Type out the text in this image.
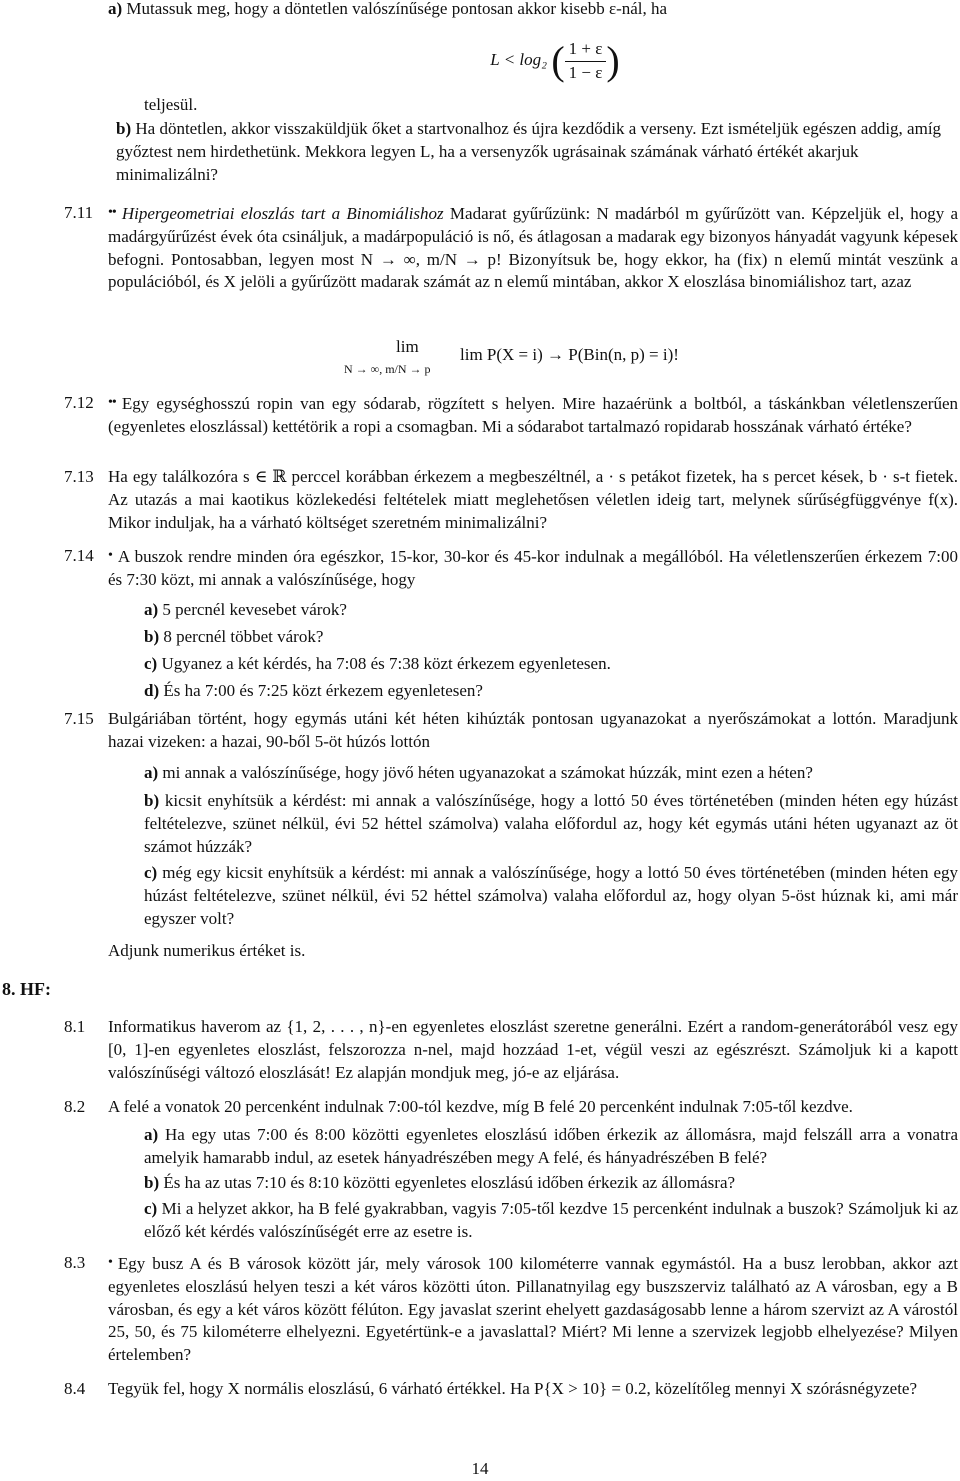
a) Mutassuk meg, hogy a döntetlen valószínűsége pontosan akkor kisebb ε-nál, ha
L < log₂ ( $\frac{1 + \varepsilon}{1 - \varepsilon}$ )
teljesül.
b) Ha döntetlen, akkor visszaküldjük őket a startvonalhoz és újra kezdődik a verseny. Ezt ismételjük egészen addig, amíg győztest nem hirdethetünk. Mekkora legyen L, ha a versenyzők ugrásainak számának várható értékét akarjuk minimalizálni?
7.11 •• Hipergeometriai eloszlás tart a Binomiálishoz Madarat gyűrűzünk: N madárból m gyűrűzött van. Képzeljük el, hogy a madárgyűrűzést évek óta csináljuk, a madárpopuláció is nő, és átlagosan a madarak egy bizonyos hányadát vagyunk képesek befogni. Pontosabban, legyen most N → ∞, m/N → p! Bizonyítsuk be, hogy ekkor, ha (fix) n elemű mintát veszünk a populációból, és X jelöli a gyűrűzött madarak számát az n elemű mintában, akkor X eloszlása binomiálishoz tart, azaz

lim lim P(X = i) → P(Bin(n, p) = i)!
N → ∞, m/N → p
7.12 •• Egy egységhosszú ropin van egy sódarab, rögzített s helyen. Mire hazaérünk a boltból, a táskánkban véletlenszerűen (egyenletes eloszlással) kettétörik a ropi a csomagban. Mi a sódarabot tartalmazó ropidarab hosszának várható értéke?

7.13 Ha egy találkozóra s ∈ ℝ perccel korábban érkezem a megbeszéltnél, a · s petákot fizetek, ha s percet kések, b · s-t fietek. Az utazás a mai kaotikus közlekedési feltételek miatt meglehetősen véletlen ideig tart, melynek sűrűségfüggvénye f(x). Mikor induljak, ha a várható költséget szeretném minimalizálni?

7.14 • A buszok rendre minden óra egészkor, 15-kor, 30-kor és 45-kor indulnak a megállóból. Ha véletlenszerűen érkezem 7:00 és 7:30 közt, mi annak a valószínűsége, hogy

a) 5 percnél kevesebet várok?
b) 8 percnél többet várok?
c) Ugyanez a két kérdés, ha 7:08 és 7:38 közt érkezem egyenletesen.
d) És ha 7:00 és 7:25 közt érkezem egyenletesen?
7.15 Bulgáriában történt, hogy egymás utáni két héten kihúzták pontosan ugyanazokat a nyerőszámokat a lottón. Maradjunk hazai vizeken: a hazai, 90-ből 5-öt húzós lottón

a) mi annak a valószínűsége, hogy jövő héten ugyanazokat a számokat húzzák, mint ezen a héten?
b) kicsit enyhítsük a kérdést: mi annak a valószínűsége, hogy a lottó 50 éves történetében (minden héten egy húzást feltételezve, szünet nélkül, évi 52 héttel számolva) valaha előfordul az, hogy két egymás utáni héten ugyanazt az öt számot húzzák?
c) még egy kicsit enyhítsük a kérdést: mi annak a valószínűsége, hogy a lottó 50 éves történetében (minden héten egy húzást feltételezve, szünet nélkül, évi 52 héttel számolva) valaha előfordul az, hogy olyan 5-öst húznak ki, ami már egyszer volt?
Adjunk numerikus értéket is.
8. HF:
8.1 Informatikus haverom az {1, 2, . . . , n}-en egyenletes eloszlást szeretne generálni. Ezért a random-generátorából vesz egy [0, 1]-en egyenletes eloszlást, felszorozza n-nel, majd hozzáad 1-et, végül veszi az egészrészt. Számoljuk ki a kapott valószínűségi változó eloszlását! Ez alapján mondjuk meg, jó-e az eljárása.

8.2 A felé a vonatok 20 percenként indulnak 7:00-tól kezdve, míg B felé 20 percenként indulnak 7:05-től kezdve.

a) Ha egy utas 7:00 és 8:00 közötti egyenletes eloszlású időben érkezik az állomásra, majd felszáll arra a vonatra amelyik hamarabb indul, az esetek hányadrészében megy A felé, és hányadrészében B felé?
b) És ha az utas 7:10 és 8:10 közötti egyenletes eloszlású időben érkezik az állomásra?
c) Mi a helyzet akkor, ha B felé gyakrabban, vagyis 7:05-től kezdve 15 percenként indulnak a buszok? Számoljuk ki az előző két kérdés valószínűségét erre az esetre is.
8.3 • Egy busz A és B városok között jár, mely városok 100 kilométerre vannak egymástól. Ha a busz lerobban, akkor azt egyenletes eloszlású helyen teszi a két város közötti úton. Pillanatnyilag egy buszszerviz található az A városban, egy a B városban, és egy a két város között félúton. Egy javaslat szerint ehelyett gazdaságosabb lenne a három szervizt az A várostól 25, 50, és 75 kilométerre elhelyezni. Egyetértünk-e a javaslattal? Miért? Mi lenne a szervizek legjobb elhelyezése? Milyen értelemben?

8.4 Tegyük fel, hogy X normális eloszlású, 6 várható értékkel. Ha P{X > 10} = 0.2, közelítőleg mennyi X szórásnégyzete?

14
